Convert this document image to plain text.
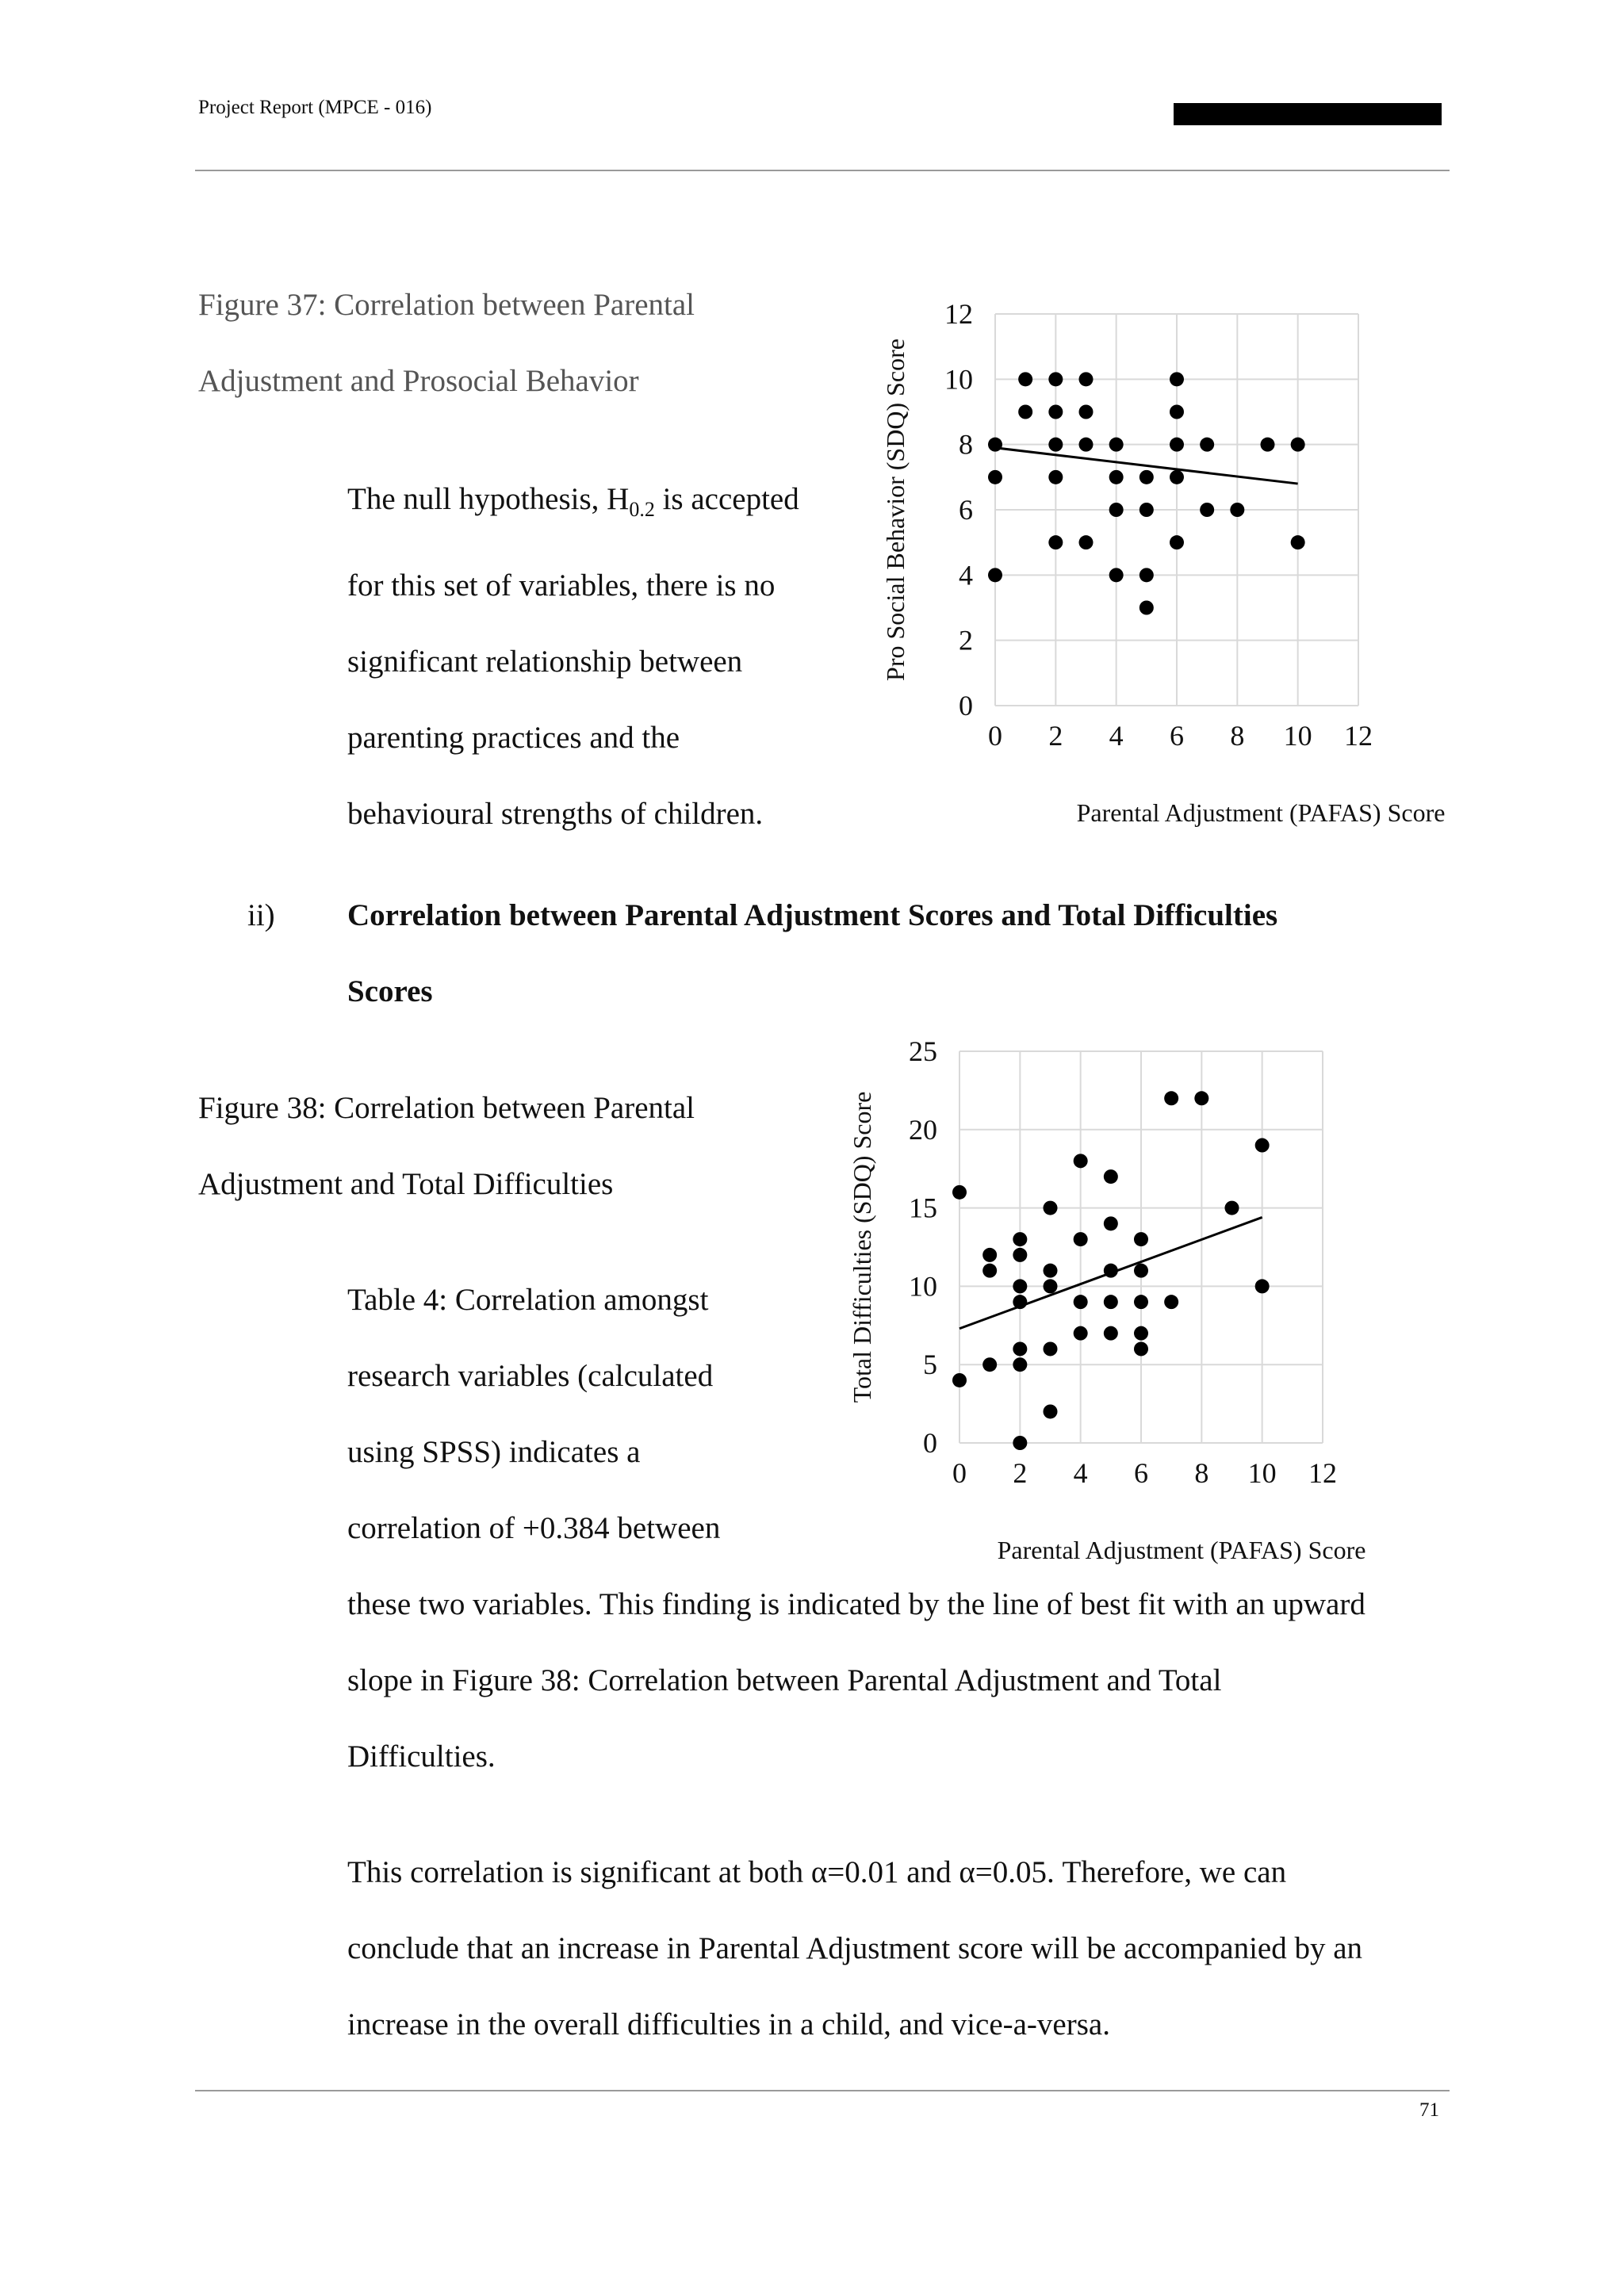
Project Report (MPCE - 016)
Figure 37: Correlation between Parental
Adjustment and Prosocial Behavior
The null hypothesis, $H_{0.2}$ is accepted
for this set of variables, there is no
significant relationship between
parenting practices and the
behavioural strengths of children.
0 2 4 6 8 10 12
0
2
4
6
8
10
12
Parental Adjustment (PAFAS) Score
Pro Social Behavior (SDQ) Score
ii) Correlation between Parental Adjustment Scores and Total Difficulties
Scores
Figure 38: Correlation between Parental
Adjustment and Total Difficulties
Table 4: Correlation amongst
research variables (calculated
using SPSS) indicates a
correlation of +0.384 between
0 2 4 6 8 10 12
0
5
10
15
20
25
Parental Adjustment (PAFAS) Score
Total Difficulties (SDQ) Score
these two variables. This finding is indicated by the line of best fit with an upward
slope in Figure 38: Correlation between Parental Adjustment and Total
Difficulties.
This correlation is significant at both α=0.01 and α=0.05. Therefore, we can
conclude that an increase in Parental Adjustment score will be accompanied by an
increase in the overall difficulties in a child, and vice-a-versa.
71
